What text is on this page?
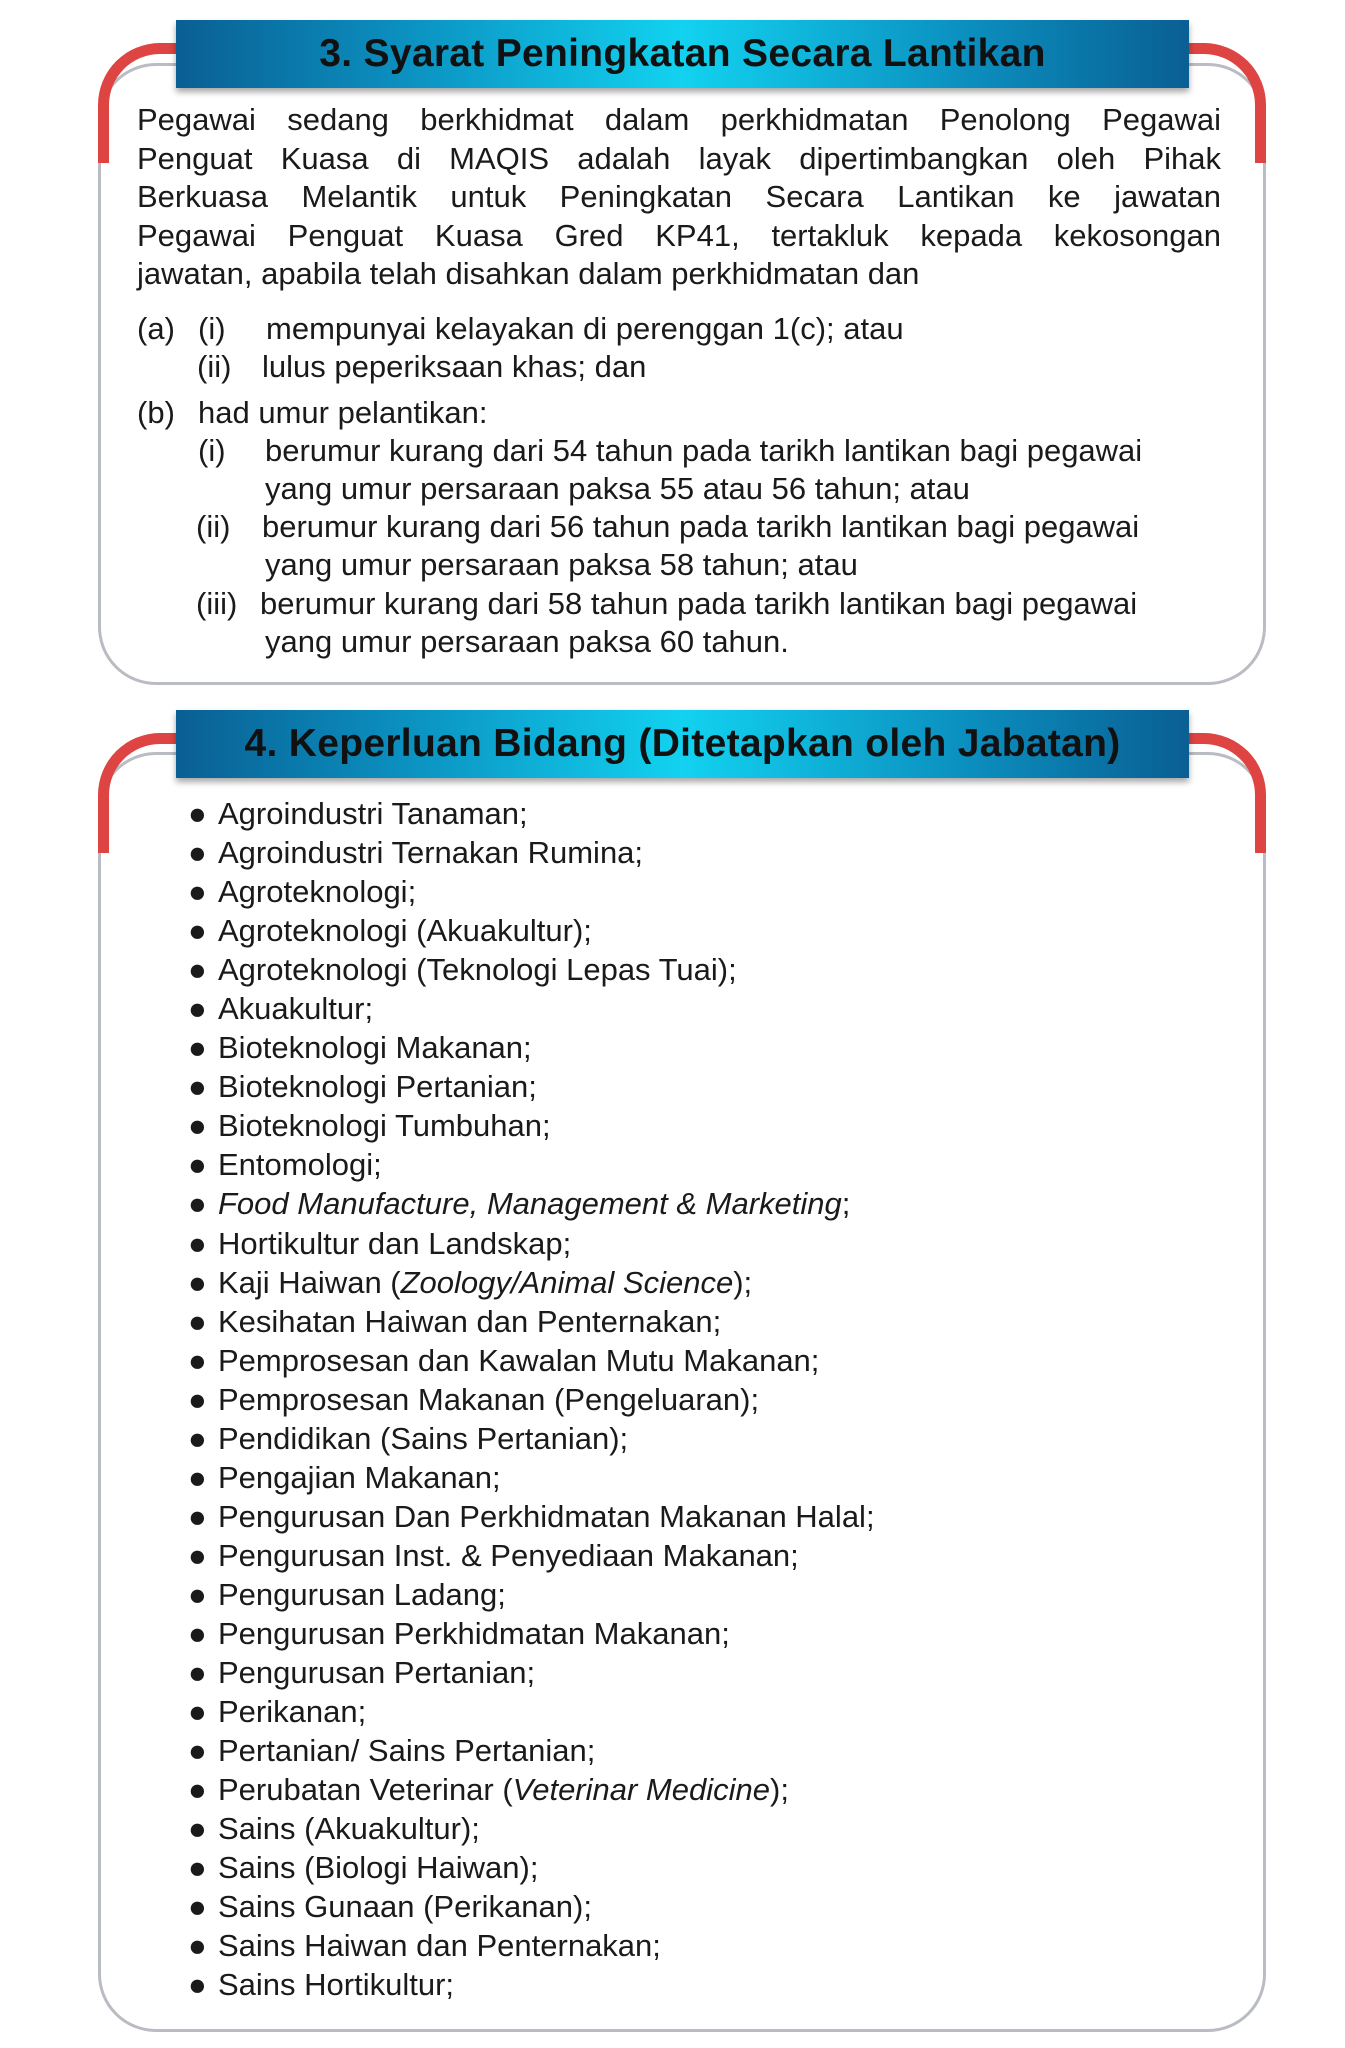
3. Syarat Peningkatan Secara Lantikan
Pegawai sedang berkhidmat dalam perkhidmatan Penolong Pegawai
Penguat Kuasa di MAQIS adalah layak dipertimbangkan oleh Pihak
Berkuasa Melantik untuk Peningkatan Secara Lantikan ke jawatan
Pegawai Penguat Kuasa Gred KP41, tertakluk kepada kekosongan
jawatan, apabila telah disahkan dalam perkhidmatan dan
(a) (i) mempunyai kelayakan di perenggan 1(c); atau
(ii) lulus peperiksaan khas; dan
(b) had umur pelantikan:
(i) berumur kurang dari 54 tahun pada tarikh lantikan bagi pegawai
yang umur persaraan paksa 55 atau 56 tahun; atau
(ii) berumur kurang dari 56 tahun pada tarikh lantikan bagi pegawai
yang umur persaraan paksa 58 tahun; atau
(iii) berumur kurang dari 58 tahun pada tarikh lantikan bagi pegawai
yang umur persaraan paksa 60 tahun.
4. Keperluan Bidang (Ditetapkan oleh Jabatan)
● Agroindustri Tanaman;
● Agroindustri Ternakan Rumina;
● Agroteknologi;
● Agroteknologi (Akuakultur);
● Agroteknologi (Teknologi Lepas Tuai);
● Akuakultur;
● Bioteknologi Makanan;
● Bioteknologi Pertanian;
● Bioteknologi Tumbuhan;
● Entomologi;
● Food Manufacture, Management & Marketing;
● Hortikultur dan Landskap;
● Kaji Haiwan (Zoology/Animal Science);
● Kesihatan Haiwan dan Penternakan;
● Pemprosesan dan Kawalan Mutu Makanan;
● Pemprosesan Makanan (Pengeluaran);
● Pendidikan (Sains Pertanian);
● Pengajian Makanan;
● Pengurusan Dan Perkhidmatan Makanan Halal;
● Pengurusan Inst. & Penyediaan Makanan;
● Pengurusan Ladang;
● Pengurusan Perkhidmatan Makanan;
● Pengurusan Pertanian;
● Perikanan;
● Pertanian/ Sains Pertanian;
● Perubatan Veterinar (Veterinar Medicine);
● Sains (Akuakultur);
● Sains (Biologi Haiwan);
● Sains Gunaan (Perikanan);
● Sains Haiwan dan Penternakan;
● Sains Hortikultur;
